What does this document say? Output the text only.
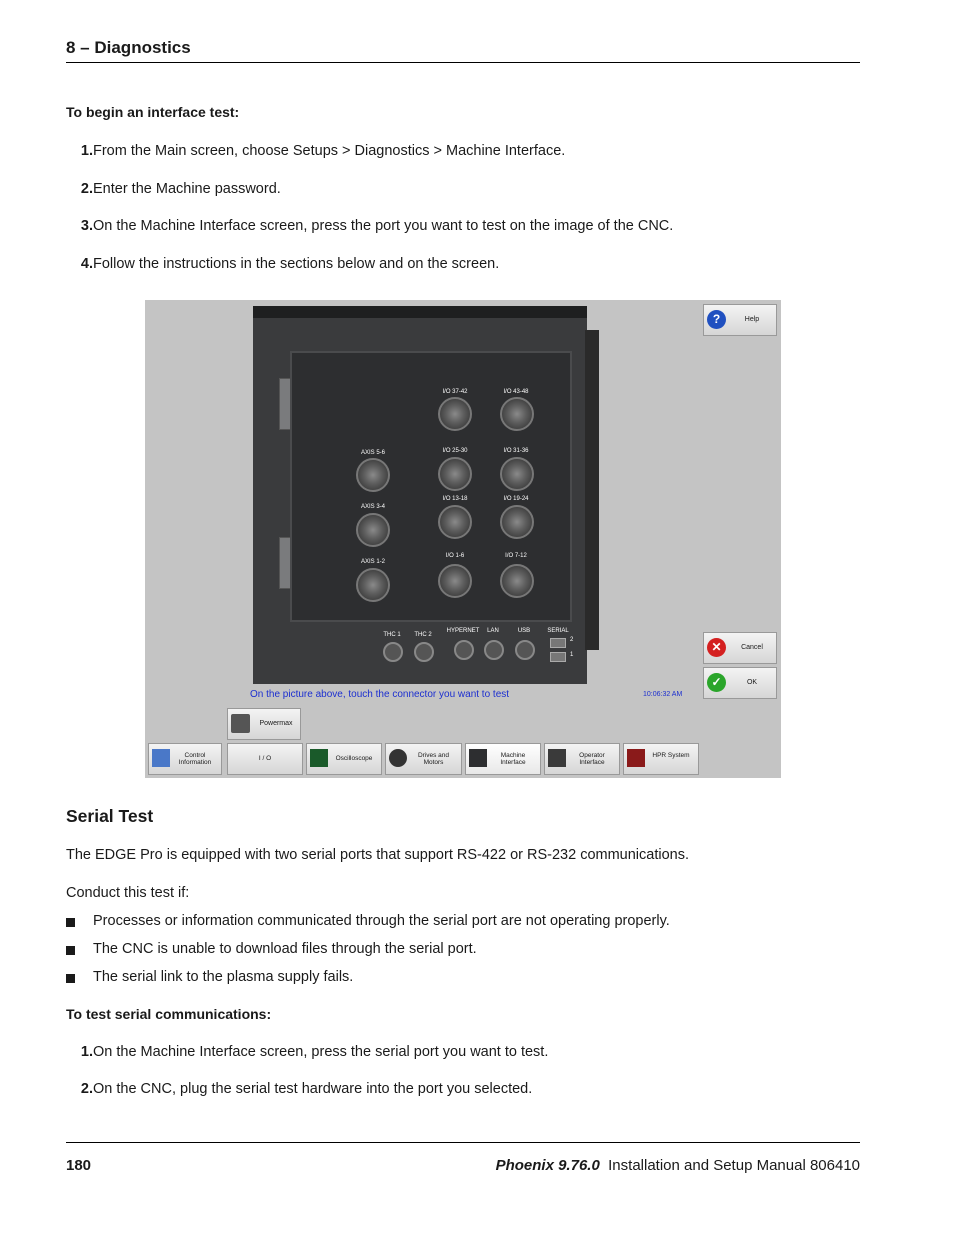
8 – Diagnostics
To begin an interface test:
1. From the Main screen, choose Setups > Diagnostics > Machine Interface.
2. Enter the Machine password.
3. On the Machine Interface screen, press the port you want to test on the image of the CNC.
4. Follow the instructions in the sections below and on the screen.
I/O 37-42	I/O 43-48
AXIS 5-6	I/O 25-30	I/O 31-36
AXIS 3-4
I/O 13-18	I/O 19-24
AXIS 1-2
I/O 1-6	I/O 7-12
THC 1	THC 2
HYPERNET	LAN	USB	SERIAL
2
1
On the picture above, touch the connector you want to test	10:06:32 AM
?	Help
✕	Cancel
✓	OK
Powermax
Control Information
I / O	Oscilloscope	Drives and Motors
Machine Interface
Operator Interface
HPR System
Serial Test
The EDGE Pro is equipped with two serial ports that support RS-422 or RS-232 communications.
Conduct this test if:
Processes or information communicated through the serial port are not operating properly.
The CNC is unable to download files through the serial port.
The serial link to the plasma supply fails.
To test serial communications:
1. On the Machine Interface screen, press the serial port you want to test.
2. On the CNC, plug the serial test hardware into the port you selected.
180	Phoenix 9.76.0 Installation and Setup Manual 806410
